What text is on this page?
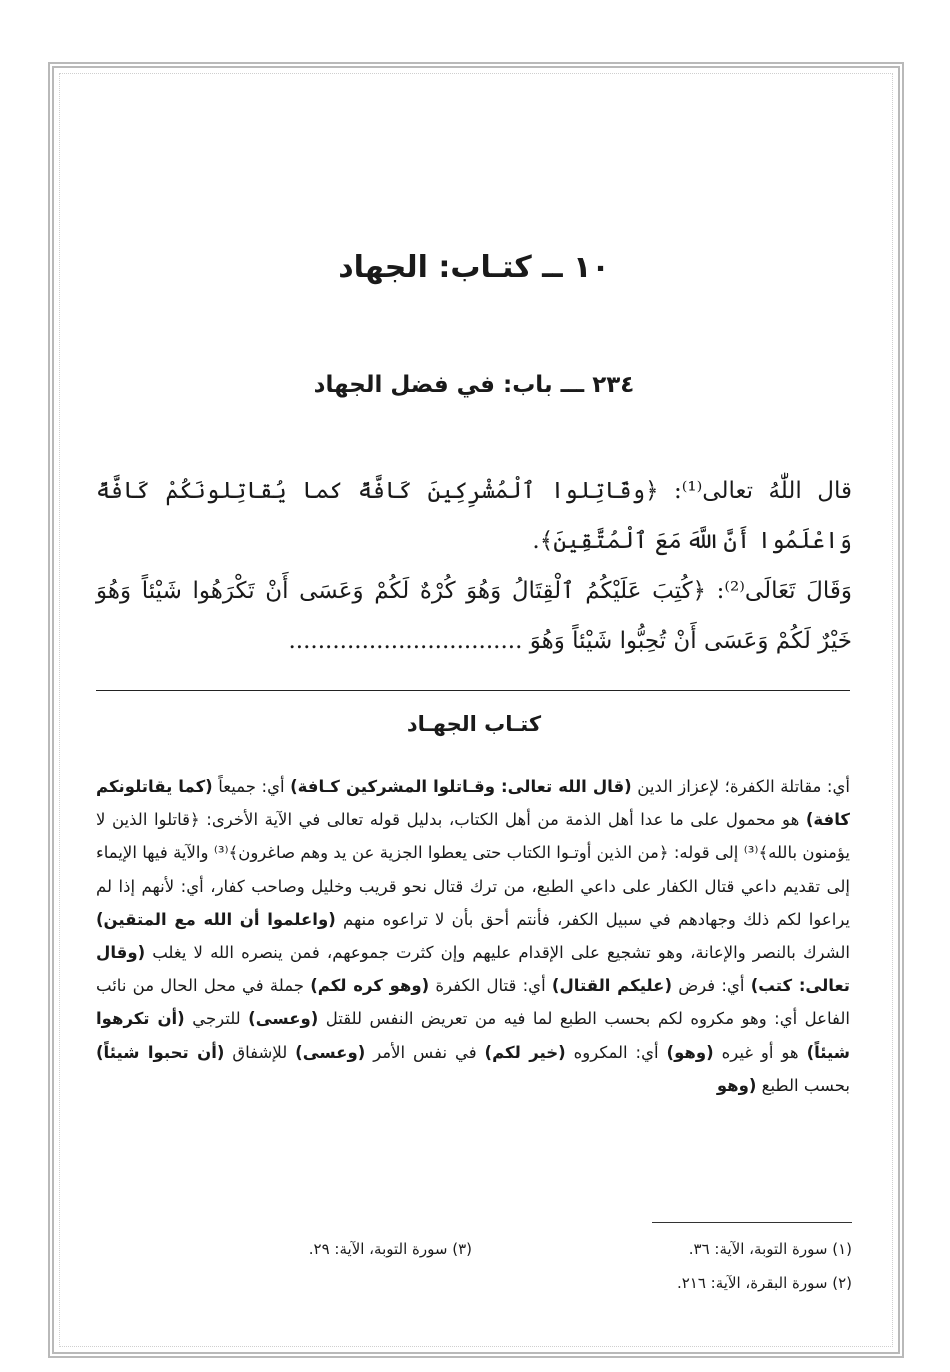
١٠ ــ كتـاب: الجهاد
٢٣٤ ـــ باب: في فضل الجهاد

قال اللّٰهُ تعالى⁽¹⁾: ﴿وقَاتِلوا ٱلْمُشْرِكِينَ كَافَّةً كما يُقاتِلونَكُمْ كَافَّةً وَاعْلَمُوا أَنَّ اللَّهَ مَعَ ٱلْمُتَّقِينَ﴾.

وَقَالَ تَعَالَى⁽²⁾: ﴿كُتِبَ عَلَيْكُمُ ٱلْقِتَالُ وَهُوَ كُرْهٌ لَكُمْ وَعَسَى أَنْ تَكْرَهُوا شَيْئاً وَهُوَ خَيْرٌ لَكُمْ وَعَسَى أَنْ تُحِبُّوا شَيْئاً وَهُوَ ................................

كتـاب الجهـاد
أي: مقاتلة الكفرة؛ لإعزاز الدين (قال الله تعالى: وقـاتلوا المشركين كـافة) أي: جميعاً (كما يقاتلونكم كافة) هو محمول على ما عدا أهل الذمة من أهل الكتاب، بدليل قوله تعالى في الآية الأخرى: ﴿قاتلوا الذين لا يؤمنون بالله﴾⁽³⁾ إلى قوله: ﴿من الذين أوتـوا الكتاب حتى يعطوا الجزية عن يد وهم صاغرون﴾⁽³⁾ والآية فيها الإيماء إلى تقديم داعي قتال الكفار على داعي الطبع، من ترك قتال نحو قريب وخليل وصاحب كفار، أي: لأنهم إذا لم يراعوا لكم ذلك وجهادهم في سبيل الكفر، فأنتم أحق بأن لا تراعوه منهم (واعلموا أن الله مع المتقين) الشرك بالنصر والإعانة، وهو تشجيع على الإقدام عليهم وإن كثرت جموعهم، فمن ينصره الله لا يغلب (وقال تعالى: كتب) أي: فرض (عليكم القتال) أي: قتال الكفرة (وهو كره لكم) جملة في محل الحال من نائب الفاعل أي: وهو مكروه لكم بحسب الطبع لما فيه من تعريض النفس للقتل (وعسى) للترجي (أن تكرهوا شيئاً) هو أو غيره (وهو) أي: المكروه (خير لكم) في نفس الأمر (وعسى) للإشفاق (أن تحبوا شيئاً) بحسب الطبع (وهو
(١) سورة التوبة، الآية: ٣٦.
(٢) سورة البقرة، الآية: ٢١٦.
(٣) سورة التوبة، الآية: ٢٩.
